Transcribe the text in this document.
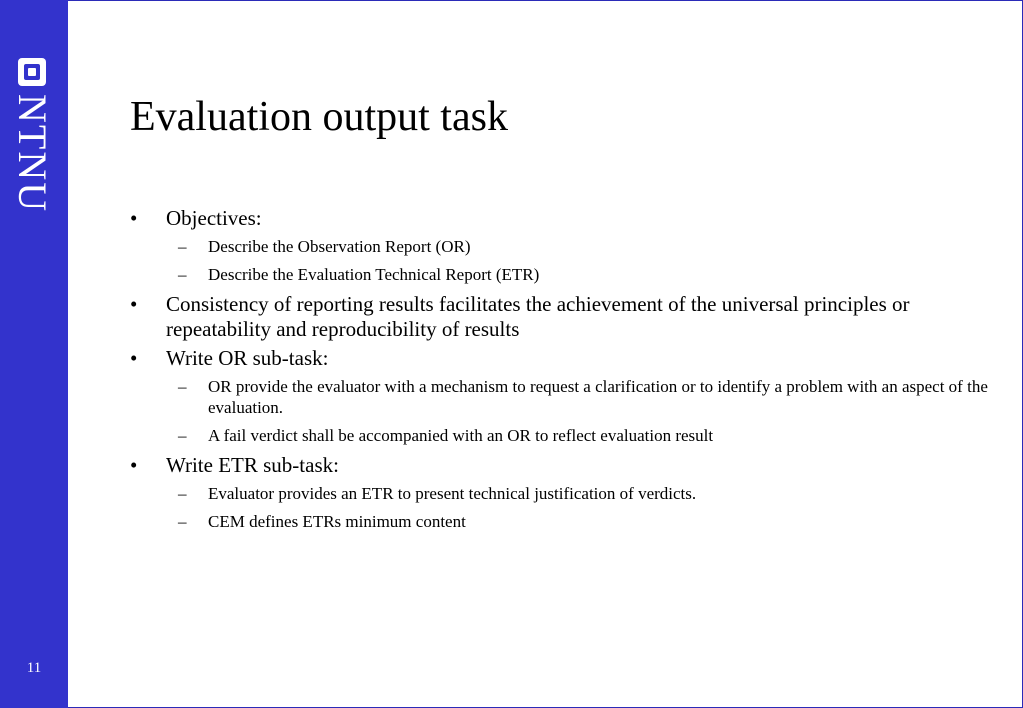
NTNU
11
Evaluation output task
• Objectives:
– Describe the Observation Report (OR)
– Describe the Evaluation Technical Report (ETR)
• Consistency of reporting results facilitates the achievement of the universal principles or repeatability and reproducibility of results
• Write OR sub-task:
– OR provide the evaluator with a mechanism to request a clarification or to identify a problem with an aspect of the evaluation.
– A fail verdict shall be accompanied with an OR to reflect evaluation result
• Write ETR sub-task:
– Evaluator provides an ETR to present technical justification of verdicts.
– CEM defines ETRs minimum content
